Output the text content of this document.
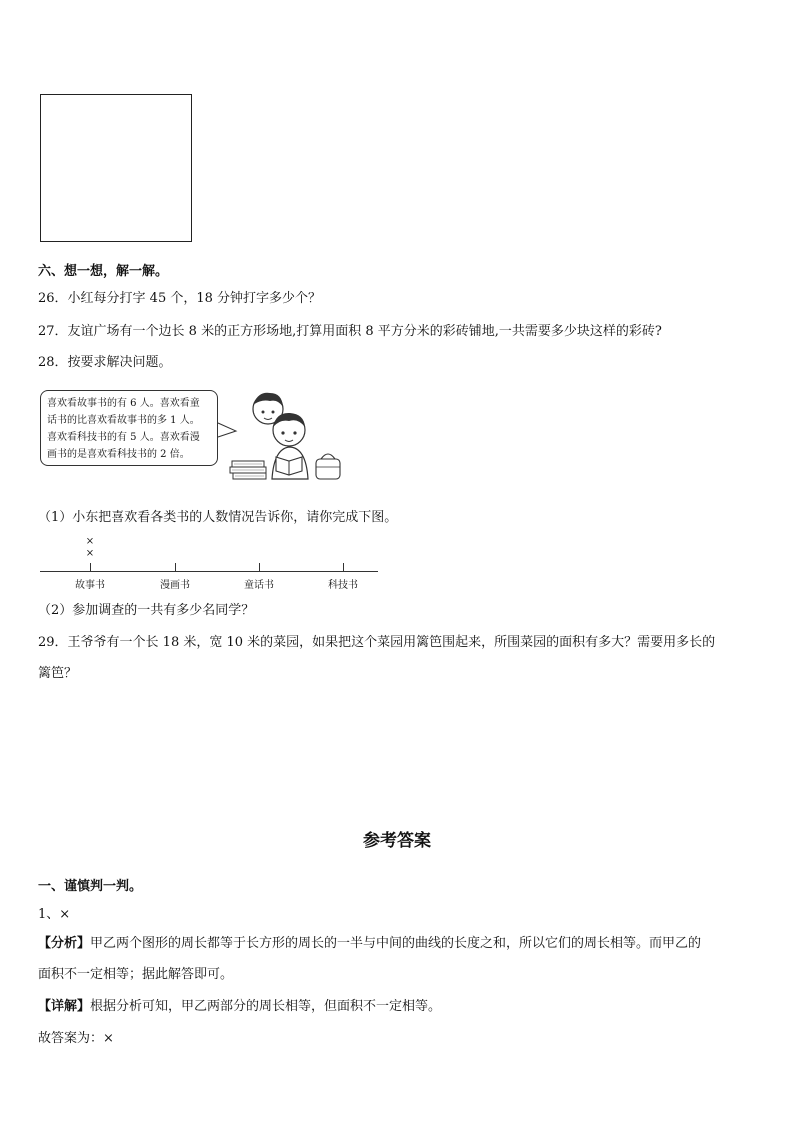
六、想一想，解一解。
26．小红每分打字 45 个，18 分钟打字多少个？
27．友谊广场有一个边长 8 米的正方形场地,打算用面积 8 平方分米的彩砖铺地,一共需要多少块这样的彩砖?
28．按要求解决问题。
喜欢看故事书的有 6 人。喜欢看童
话书的比喜欢看故事书的多 1 人。
喜欢看科技书的有 5 人。喜欢看漫
画书的是喜欢看科技书的 2 倍。
（1）小东把喜欢看各类书的人数情况告诉你，请你完成下图。
故事书	漫画书	童话书	科技书
×
×
（2）参加调查的一共有多少名同学？
29．王爷爷有一个长 18 米，宽 10 米的菜园，如果把这个菜园用篱笆围起来，所围菜园的面积有多大？需要用多长的
篱笆？
参考答案
一、谨慎判一判。
1、×
【分析】甲乙两个图形的周长都等于长方形的周长的一半与中间的曲线的长度之和，所以它们的周长相等。而甲乙的
面积不一定相等；据此解答即可。
【详解】根据分析可知，甲乙两部分的周长相等，但面积不一定相等。
故答案为：×
